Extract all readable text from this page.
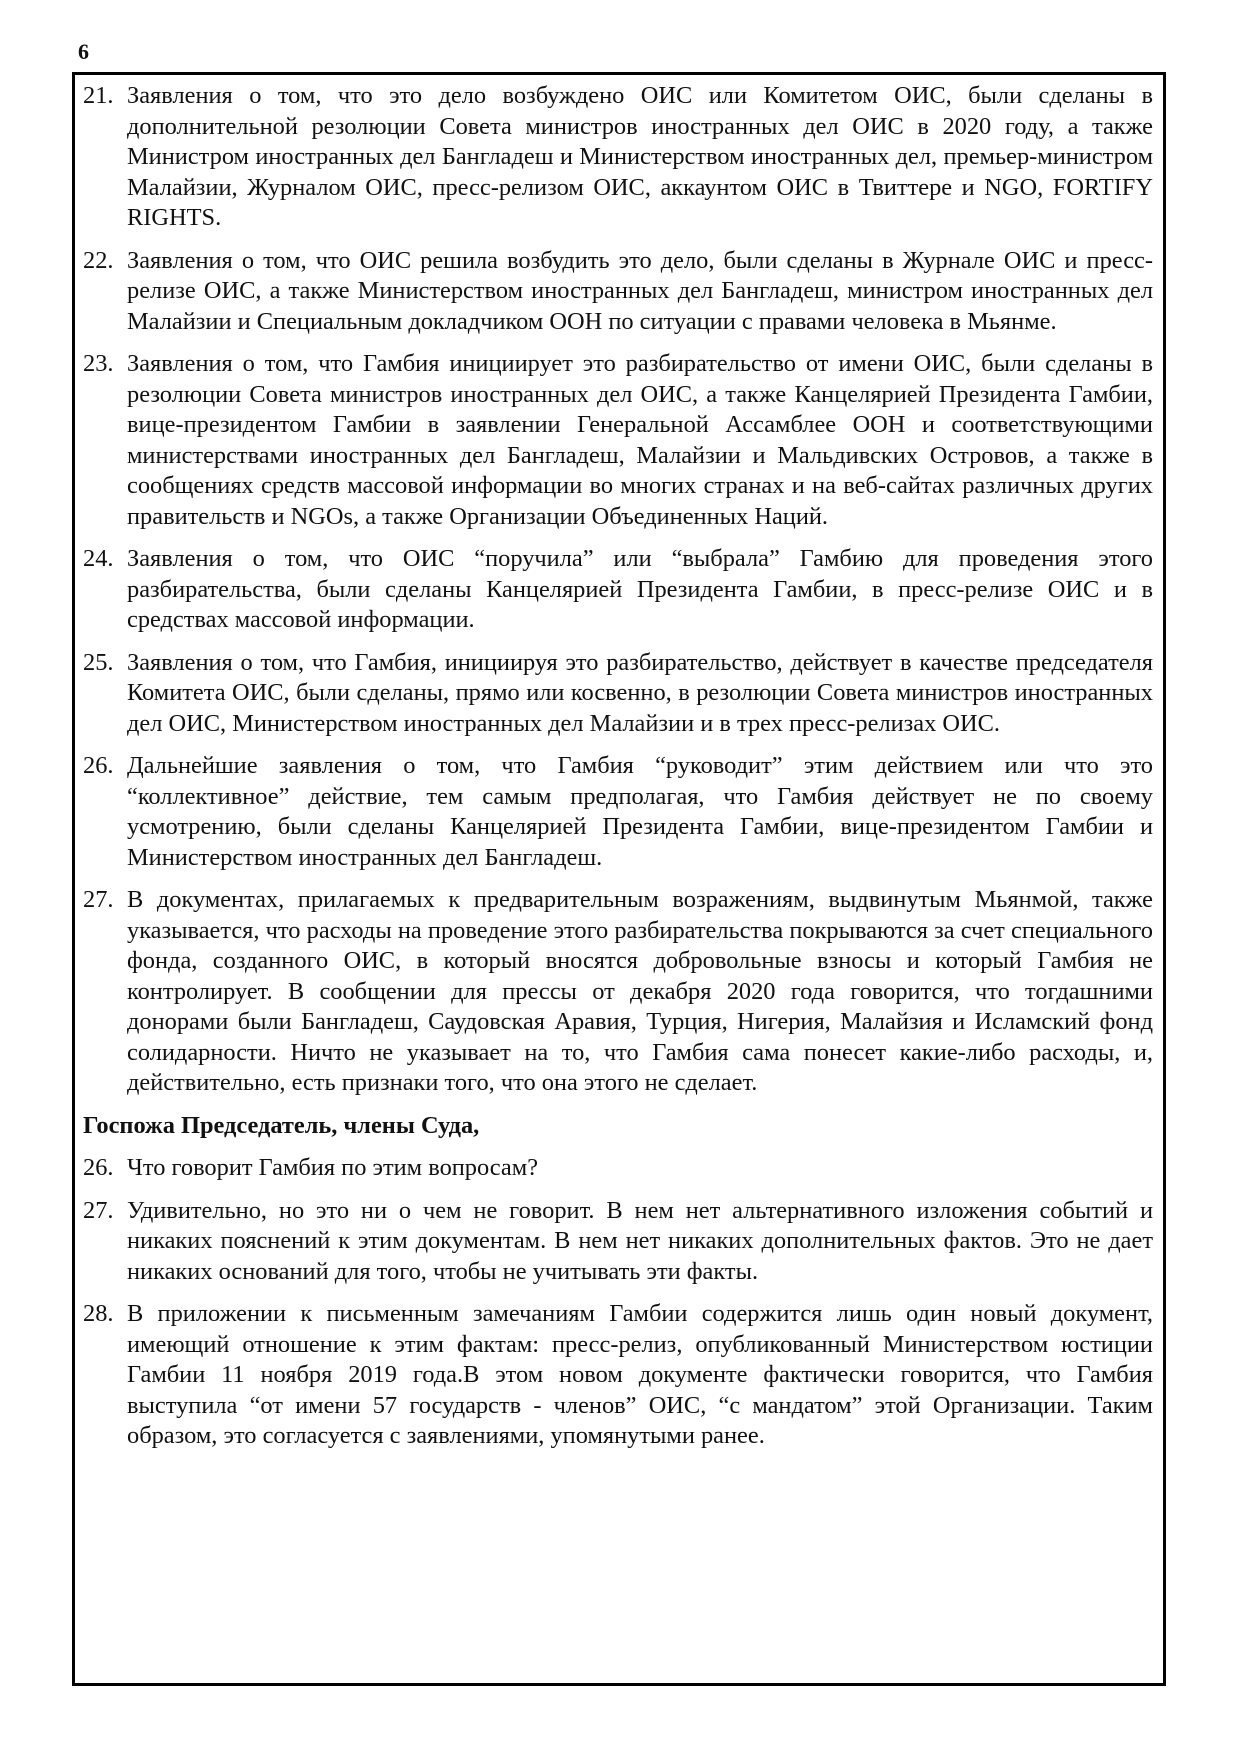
6
21. Заявления о том, что это дело возбуждено ОИС или Комитетом ОИС, были сделаны в дополнительной резолюции Совета министров иностранных дел ОИС в 2020 году, а также Министром иностранных дел Бангладеш и Министерством иностранных дел, премьер-министром Малайзии, Журналом ОИС, пресс-релизом ОИС, аккаунтом ОИС в Твиттере и NGO, FORTIFY RIGHTS.
22. Заявления о том, что ОИС решила возбудить это дело, были сделаны в Журнале ОИС и пресс-релизе ОИС, а также Министерством иностранных дел Бангладеш, министром иностранных дел Малайзии и Специальным докладчиком ООН по ситуации с правами человека в Мьянме.
23. Заявления о том, что Гамбия инициирует это разбирательство от имени ОИС, были сделаны в резолюции Совета министров иностранных дел ОИС, а также Канцелярией Президента Гамбии, вице-президентом Гамбии в заявлении Генеральной Ассамблее ООН и соответствующими министерствами иностранных дел Бангладеш, Малайзии и Мальдивских Островов, а также в сообщениях средств массовой информации во многих странах и на веб-сайтах различных других правительств и NGOs, а также Организации Объединенных Наций.
24. Заявления о том, что ОИС “поручила” или “выбрала” Гамбию для проведения этого разбирательства, были сделаны Канцелярией Президента Гамбии, в пресс-релизе ОИС и в средствах массовой информации.
25. Заявления о том, что Гамбия, инициируя это разбирательство, действует в качестве председателя Комитета ОИС, были сделаны, прямо или косвенно, в резолюции Совета министров иностранных дел ОИС, Министерством иностранных дел Малайзии и в трех пресс-релизах ОИС.
26. Дальнейшие заявления о том, что Гамбия “руководит” этим действием или что это “коллективное” действие, тем самым предполагая, что Гамбия действует не по своему усмотрению, были сделаны Канцелярией Президента Гамбии, вице-президентом Гамбии и Министерством иностранных дел Бангладеш.
27. В документах, прилагаемых к предварительным возражениям, выдвинутым Мьянмой, также указывается, что расходы на проведение этого разбирательства покрываются за счет специального фонда, созданного ОИС, в который вносятся добровольные взносы и который Гамбия не контролирует. В сообщении для прессы от декабря 2020 года говорится, что тогдашними донорами были Бангладеш, Саудовская Аравия, Турция, Нигерия, Малайзия и Исламский фонд солидарности. Ничто не указывает на то, что Гамбия сама понесет какие-либо расходы, и, действительно, есть признаки того, что она этого не сделает.
Госпожа Председатель, члены Суда,
26. Что говорит Гамбия по этим вопросам?
27. Удивительно, но это ни о чем не говорит. В нем нет альтернативного изложения событий и никаких пояснений к этим документам. В нем нет никаких дополнительных фактов. Это не дает никаких оснований для того, чтобы не учитывать эти факты.
28. В приложении к письменным замечаниям Гамбии содержится лишь один новый документ, имеющий отношение к этим фактам: пресс-релиз, опубликованный Министерством юстиции Гамбии 11 ноября 2019 года.В этом новом документе фактически говорится, что Гамбия выступила “от имени 57 государств - членов” ОИС, “с мандатом” этой Организации. Таким образом, это согласуется с заявлениями, упомянутыми ранее.
